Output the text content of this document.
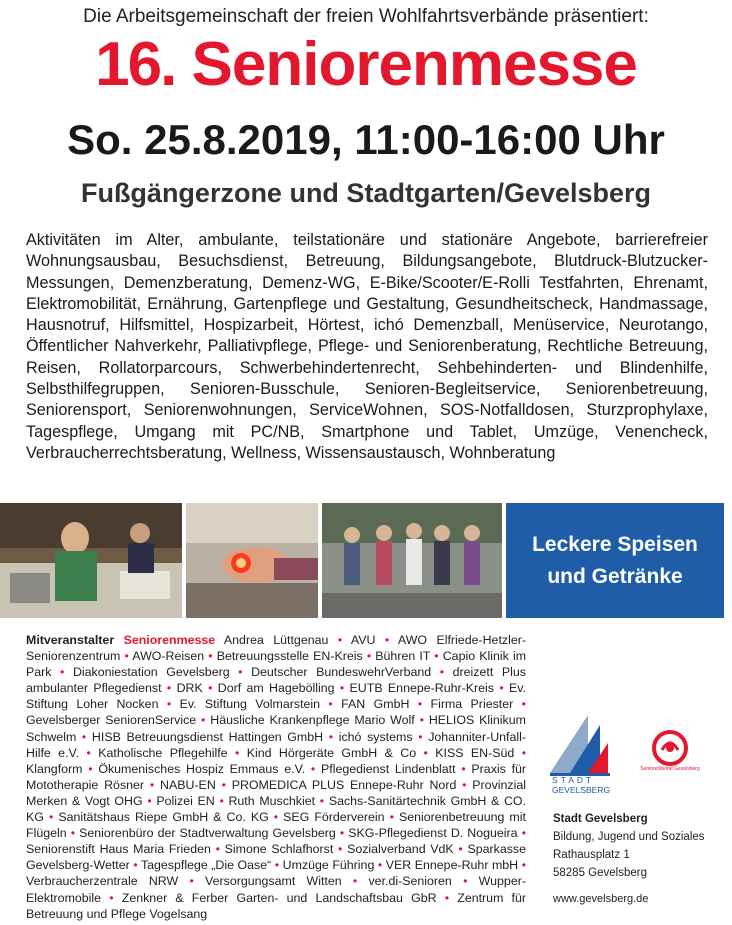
Die Arbeitsgemeinschaft der freien Wohlfahrtsverbände präsentiert:
16. Seniorenmesse
So. 25.8.2019, 11:00-16:00 Uhr
Fußgängerzone und Stadtgarten/Gevelsberg
Aktivitäten im Alter, ambulante, teilstationäre und stationäre Angebote, barrierefreier Wohnungsausbau, Besuchsdienst, Betreuung, Bildungsangebote, Blutdruck-Blutzucker-Messungen, Demenzberatung, Demenz-WG, E-Bike/Scooter/E-Rolli Testfahrten, Ehrenamt, Elektromobilität, Ernährung, Gartenpflege und Gestaltung, Gesundheitscheck, Handmassage, Hausnotruf, Hilfsmittel, Hospizarbeit, Hörtest, ichó Demenzball, Menüservice, Neurotango, Öffentlicher Nahverkehr, Palliativpflege, Pflege- und Seniorenberatung, Rechtliche Betreuung, Reisen, Rollatorparcours, Schwerbehindertenrecht, Sehbehinderten- und Blindenhilfe, Selbsthilfegruppen, Senioren-Busschule, Senioren-Begleitservice, Seniorenbetreuung, Seniorensport, Seniorenwohnungen, ServiceWohnen, SOS-Notfalldosen, Sturzprophylaxe, Tagespflege, Umgang mit PC/NB, Smartphone und Tablet, Umzüge, Venencheck, Verbraucherrechtsberatung, Wellness, Wissensaustausch, Wohnberatung
Leckere Speisen
und Getränke
Mitveranstalter Seniorenmesse Andrea Lüttgenau • AVU • AWO Elfriede-Hetzler-Seniorenzentrum • AWO-Reisen • Betreuungsstelle EN-Kreis • Bühren IT • Capio Klinik im Park • Diakoniestation Gevelsberg • Deutscher BundeswehrVerband • dreizett Plus ambulanter Pflegedienst • DRK • Dorf am Hagebölling • EUTB Ennepe-Ruhr-Kreis • Ev. Stiftung Loher Nocken • Ev. Stiftung Volmarstein • FAN GmbH • Firma Priester • Gevelsberger SeniorenService • Häusliche Krankenpflege Mario Wolf • HELIOS Klinikum Schwelm • HISB Betreuungsdienst Hattingen GmbH • ichó systems • Johanniter-Unfall-Hilfe e.V. • Katholische Pflegehilfe • Kind Hörgeräte GmbH & Co • KISS EN-Süd • Klangform • Ökumenisches Hospiz Emmaus e.V. • Pflegedienst Lindenblatt • Praxis für Mototherapie Rösner • NABU-EN • PROMEDICA PLUS Ennepe-Ruhr Nord • Provinzial Merken & Vogt OHG • Polizei EN • Ruth Muschkiet • Sachs-Sanitärtechnik GmbH & CO. KG • Sanitätshaus Riepe GmbH & Co. KG • SEG Förderverein • Seniorenbetreuung mit Flügeln • Seniorenbüro der Stadtverwaltung Gevelsberg • SKG-Pflegedienst D. Nogueira • Seniorenstift Haus Maria Frieden • Simone Schlafhorst • Sozialverband VdK • Sparkasse Gevelsberg-Wetter • Tagespflege „Die Oase“ • Umzüge Führing • VER Ennepe-Ruhr mbH • Verbraucherzentrale NRW • Versorgungsamt Witten • ver.di-Senioren • Wupper-Elektromobile • Zenkner & Ferber Garten- und Landschaftsbau GbR • Zentrum für Betreuung und Pflege Vogelsang
STADT
GEVELSBERG
Seniorenbeirat Gevelsberg
Stadt Gevelsberg
Bildung, Jugend und Soziales
Rathausplatz 1
58285 Gevelsberg
www.gevelsberg.de
